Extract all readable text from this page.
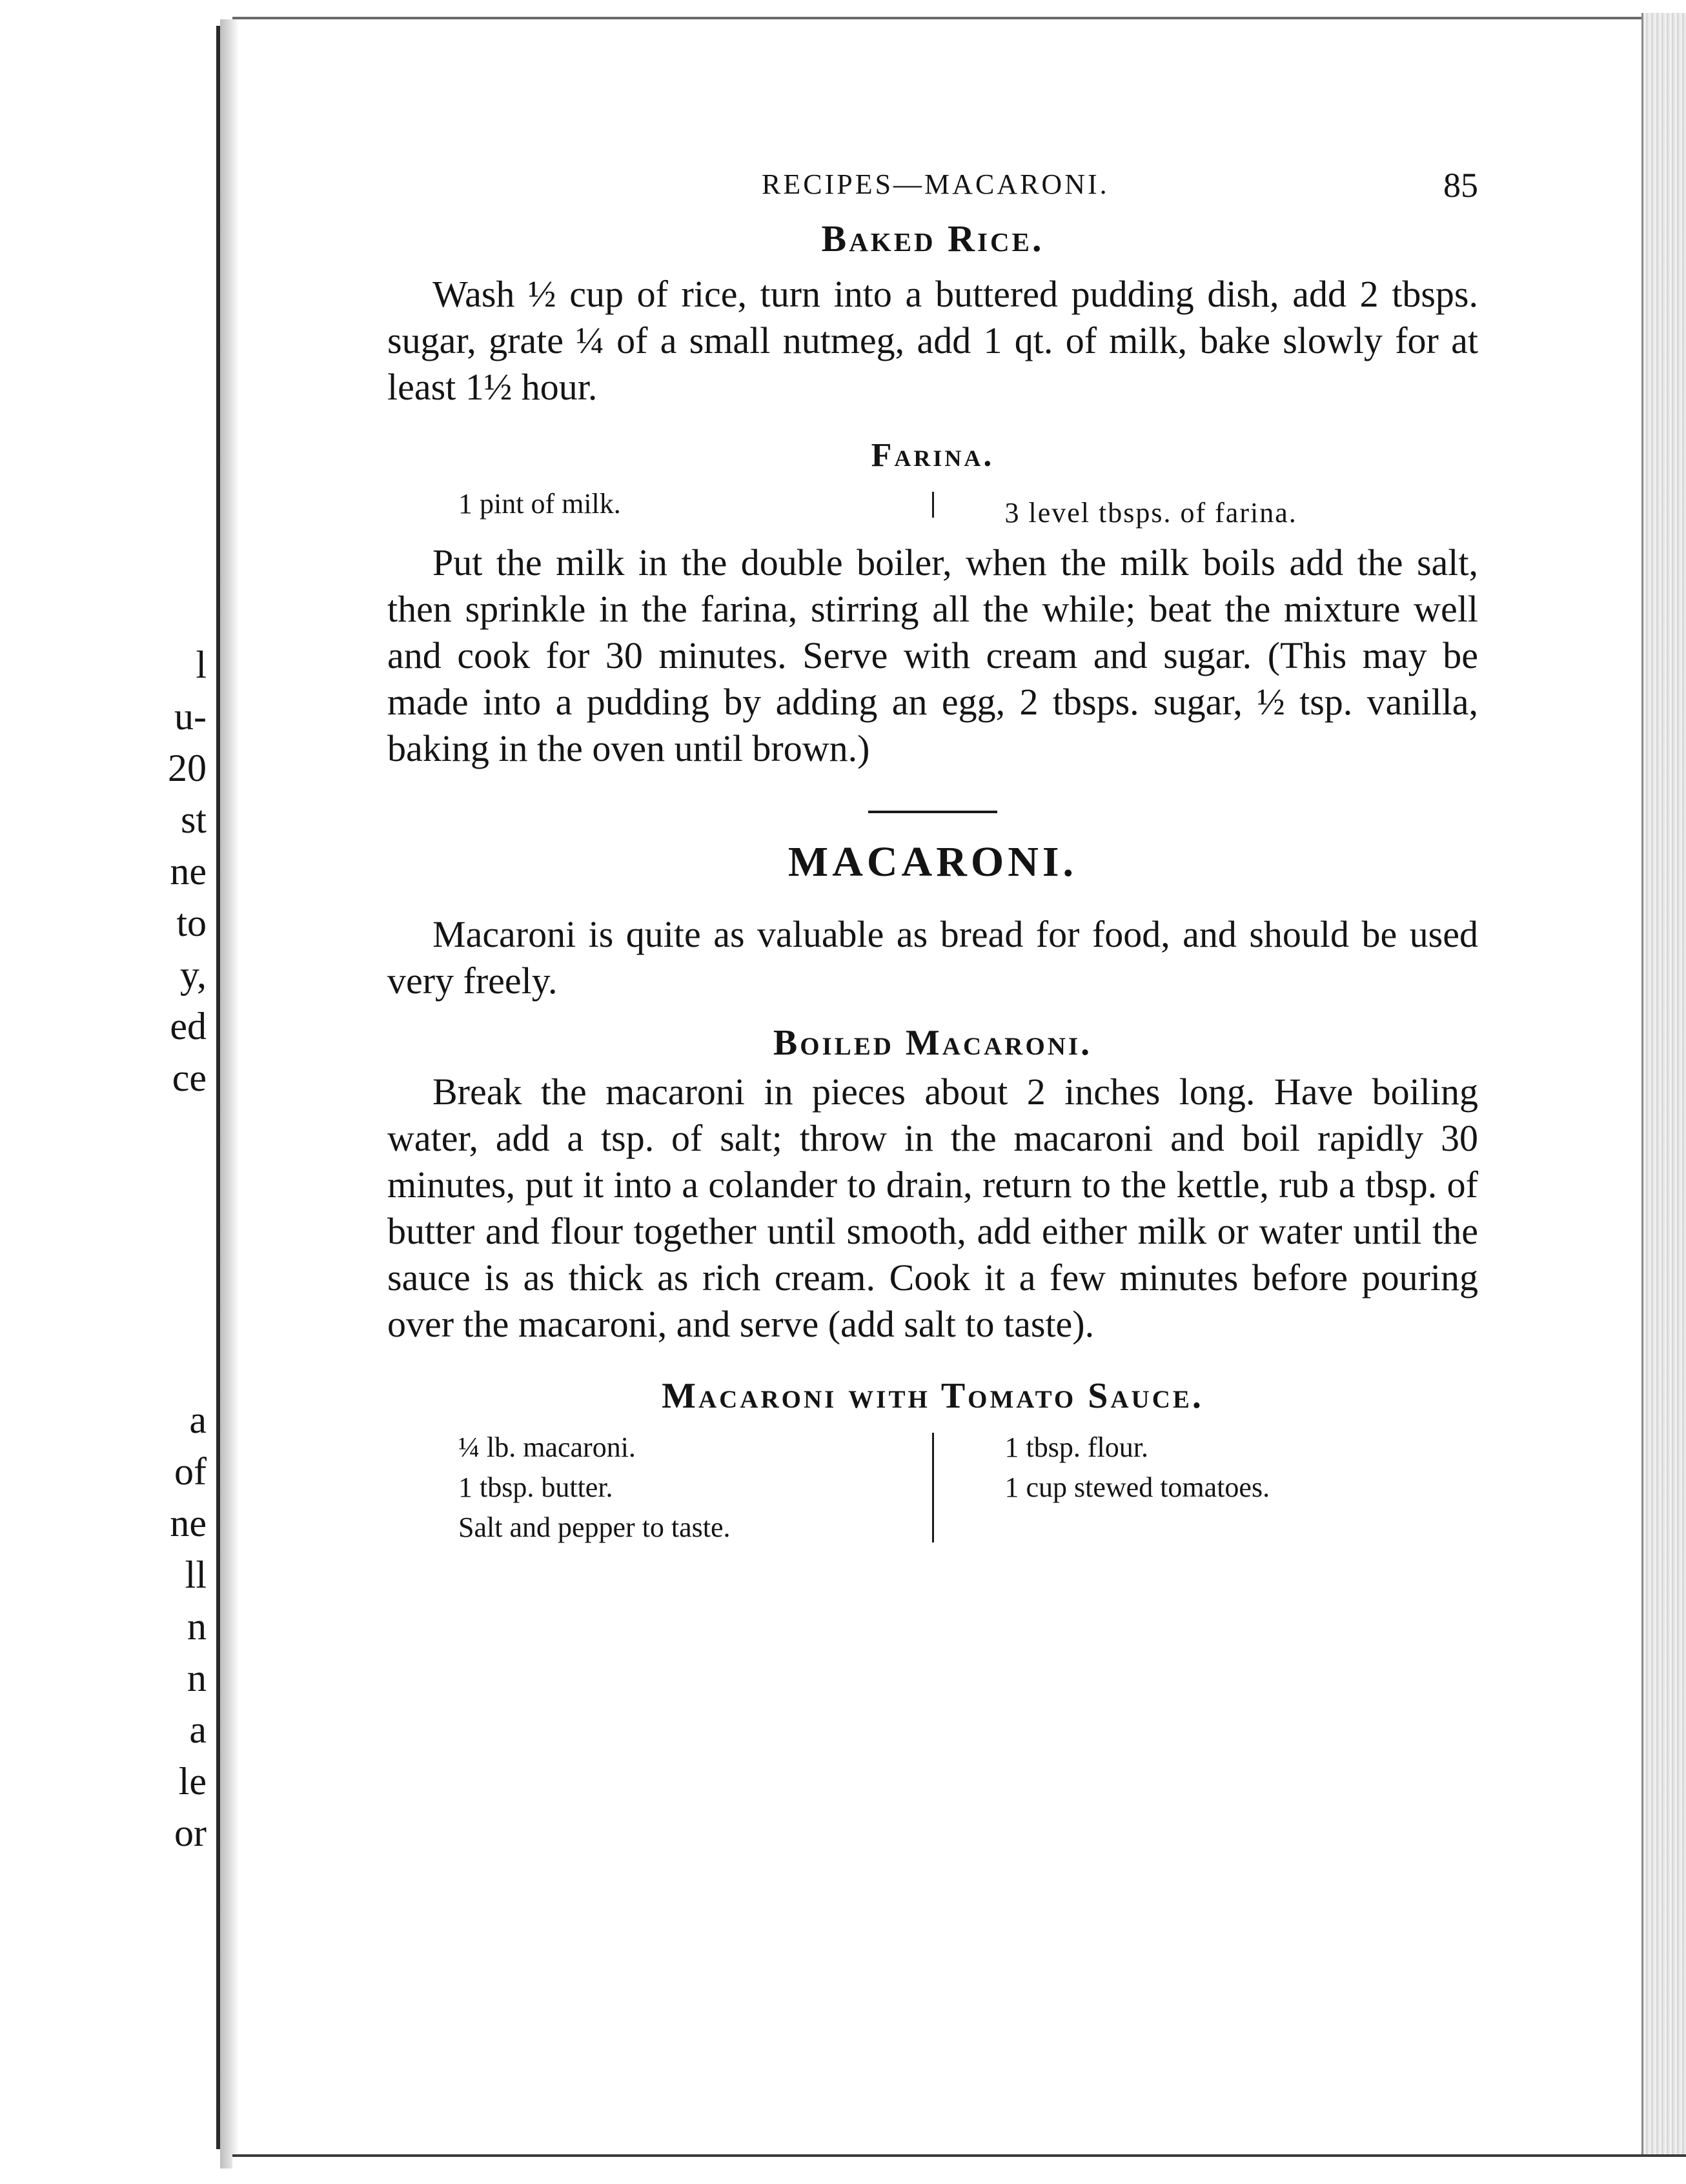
l
u-
20
st
ne
to
y,
ed
ce
a
of
ne
ll
n
n
a
le
or
RECIPES—MACARONI.	85
Baked Rice.

Wash ½ cup of rice, turn into a buttered pudding dish, add 2 tbsps. sugar, grate ¼ of a small nutmeg, add 1 qt. of milk, bake slowly for at least 1½ hour.

Farina.
1 pint of milk.	3 level tbsps. of farina.

Put the milk in the double boiler, when the milk boils add the salt, then sprinkle in the farina, stirring all the while; beat the mixture well and cook for 30 minutes. Serve with cream and sugar. (This may be made into a pudding by adding an egg, 2 tbsps. sugar, ½ tsp. vanilla, baking in the oven until brown.)

MACARONI.

Macaroni is quite as valuable as bread for food, and should be used very freely.

Boiled Macaroni.

Break the macaroni in pieces about 2 inches long. Have boiling water, add a tsp. of salt; throw in the macaroni and boil rapidly 30 minutes, put it into a colander to drain, return to the kettle, rub a tbsp. of butter and flour together until smooth, add either milk or water until the sauce is as thick as rich cream. Cook it a few minutes before pouring over the macaroni, and serve (add salt to taste).

Macaroni with Tomato Sauce.
¼ lb. macaroni.
1 tbsp. butter.
Salt and pepper to taste.
1 tbsp. flour.
1 cup stewed tomatoes.
